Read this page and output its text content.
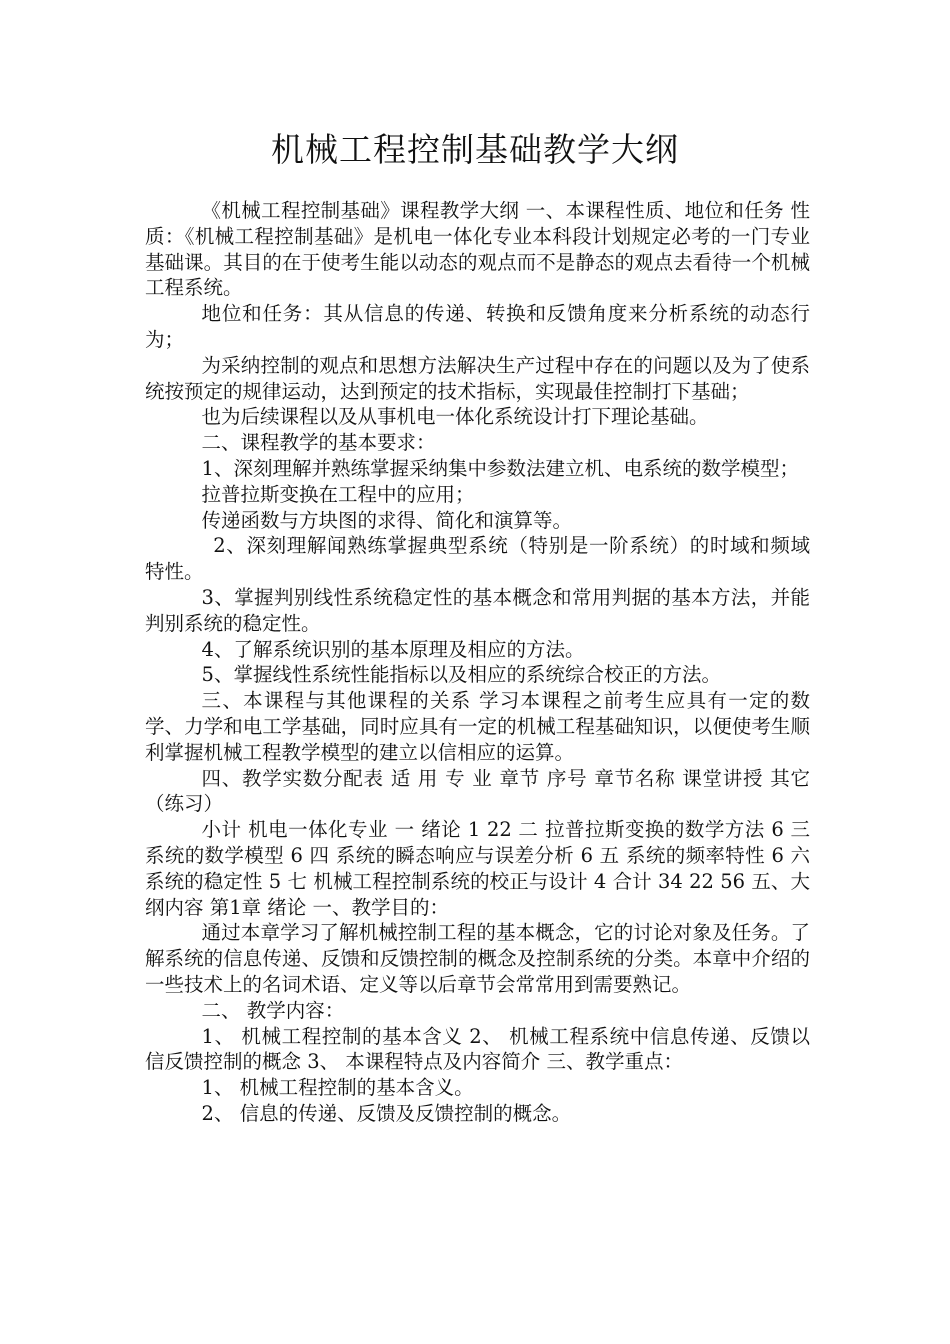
机械工程控制基础教学大纲

《机械工程控制基础》课程教学大纲 一、本课程性质、地位和任务 性质：《机械工程控制基础》是机电一体化专业本科段计划规定必考的一门专业基础课。其目的在于使考生能以动态的观点而不是静态的观点去看待一个机械工程系统。

地位和任务：其从信息的传递、转换和反馈角度来分析系统的动态行为；

为采纳控制的观点和思想方法解决生产过程中存在的问题以及为了使系统按预定的规律运动，达到预定的技术指标，实现最佳控制打下基础；

也为后续课程以及从事机电一体化系统设计打下理论基础。

二、课程教学的基本要求：

1、深刻理解并熟练掌握采纳集中参数法建立机、电系统的数学模型；

拉普拉斯变换在工程中的应用；

传递函数与方块图的求得、简化和演算等。

2、深刻理解闻熟练掌握典型系统（特别是一阶系统）的时域和频域特性。

3、掌握判别线性系统稳定性的基本概念和常用判据的基本方法，并能判别系统的稳定性。

4、了解系统识别的基本原理及相应的方法。

5、掌握线性系统性能指标以及相应的系统综合校正的方法。

三、本课程与其他课程的关系 学习本课程之前考生应具有一定的数学、力学和电工学基础，同时应具有一定的机械工程基础知识，以便使考生顺利掌握机械工程教学模型的建立以信相应的运算。

四、教学实数分配表 适 用 专 业 章节 序号 章节名称 课堂讲授 其它 （练习）

小计 机电一体化专业 一 绪论 1 22 二 拉普拉斯变换的数学方法 6 三 系统的数学模型 6 四 系统的瞬态响应与误差分析 6 五 系统的频率特性 6 六 系统的稳定性 5 七 机械工程控制系统的校正与设计 4 合计 34 22 56 五、大纲内容 第1章 绪论 一、教学目的：

通过本章学习了解机械控制工程的基本概念，它的讨论对象及任务。了解系统的信息传递、反馈和反馈控制的概念及控制系统的分类。本章中介绍的一些技术上的名词术语、定义等以后章节会常常用到需要熟记。

二、 教学内容：

1、 机械工程控制的基本含义 2、 机械工程系统中信息传递、反馈以信反馈控制的概念 3、 本课程特点及内容简介 三、教学重点：

1、 机械工程控制的基本含义。

2、 信息的传递、反馈及反馈控制的概念。
